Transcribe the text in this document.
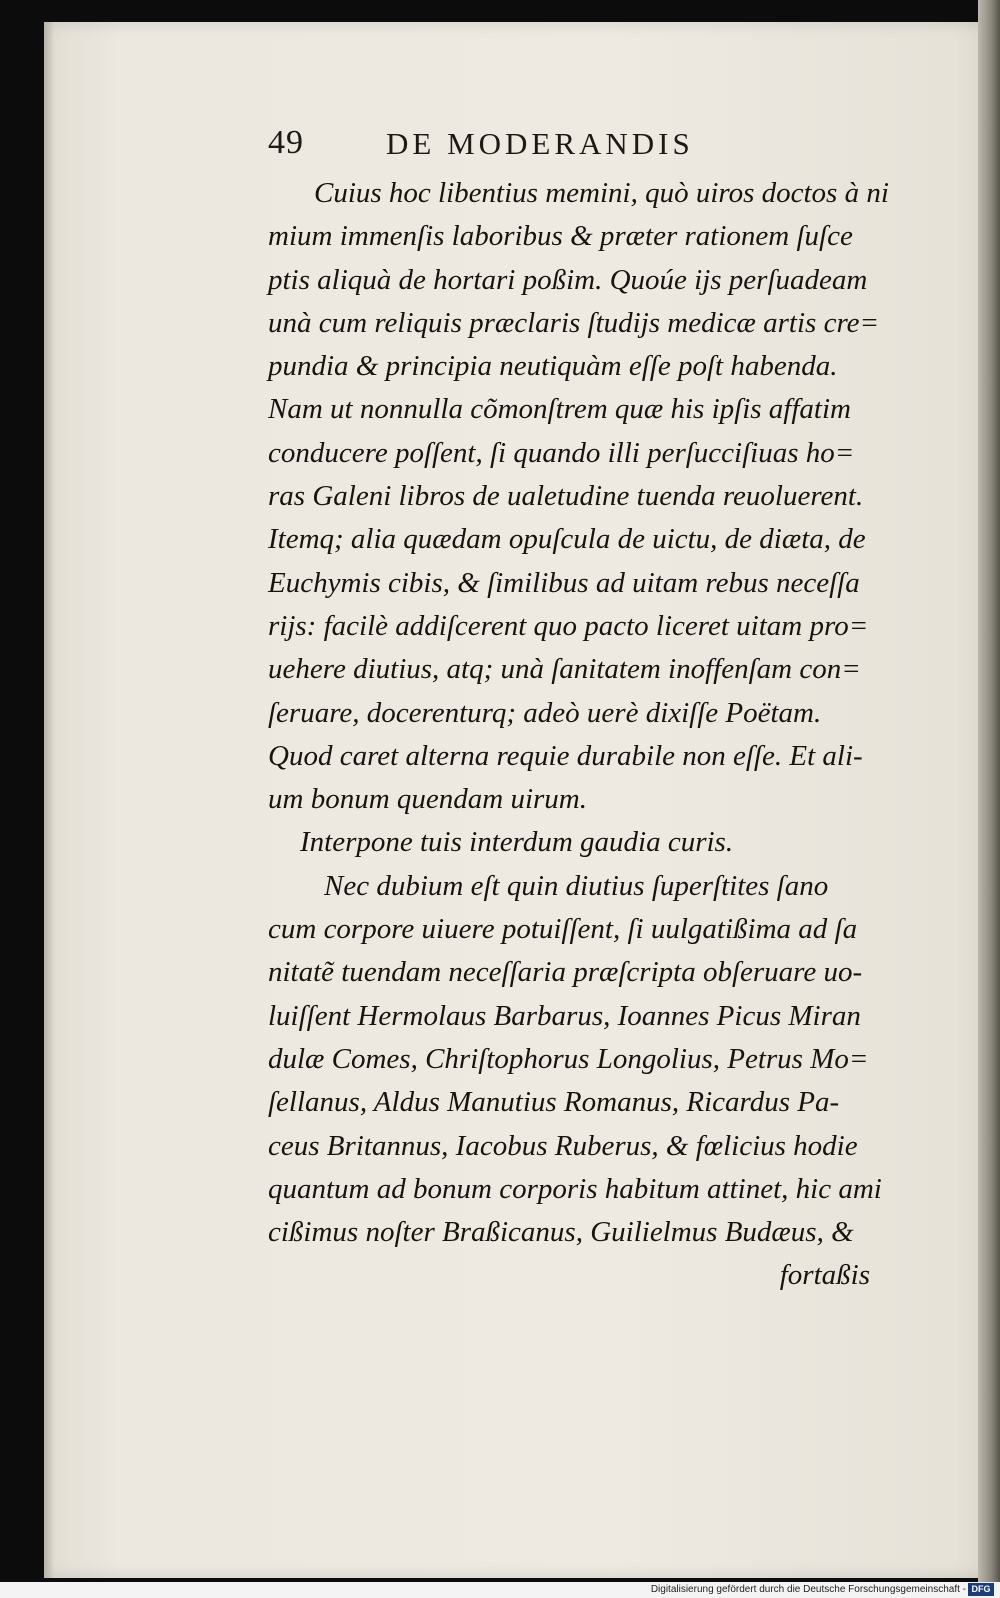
49	DE MODERANDIS
Cuius hoc libentius memini, quò uiros doctos à ni
mium immenſis laboribus & præter rationem ſuſce
ptis aliquà de hortari poßim. Quoúe ijs perſuadeam
unà cum reliquis præclaris ſtudijs medicæ artis cre=
pundia & principia neutiquàm eſſe poſt habenda.
Nam ut nonnulla cõmonſtrem quæ his ipſis affatim
conducere poſſent, ſi quando illi perſucciſiuas ho=
ras Galeni libros de ualetudine tuenda reuoluerent.
Itemq; alia quædam opuſcula de uictu, de diæta, de
Euchymis cibis, & ſimilibus ad uitam rebus neceſſa
rijs: facilè addiſcerent quo pacto liceret uitam pro=
uehere diutius, atq; unà ſanitatem inoffenſam con=
ſeruare, docerenturq; adeò uerè dixiſſe Poëtam.
Quod caret alterna requie durabile non eſſe. Et ali-
um bonum quendam uirum.
Interpone tuis interdum gaudia curis.
Nec dubium eſt quin diutius ſuperſtites ſano
cum corpore uiuere potuiſſent, ſi uulgatißima ad ſa
nitatẽ tuendam neceſſaria præſcripta obſeruare uo-
luiſſent Hermolaus Barbarus, Ioannes Picus Miran
dulæ Comes, Chriſtophorus Longolius, Petrus Mo=
ſellanus, Aldus Manutius Romanus, Ricardus Pa-
ceus Britannus, Iacobus Ruberus, & fœlicius hodie
quantum ad bonum corporis habitum attinet, hic ami
cißimus noſter Braßicanus, Guilielmus Budæus, &
fortaßis
Digitalisierung gefördert durch die Deutsche Forschungsgemeinschaft - DFG
